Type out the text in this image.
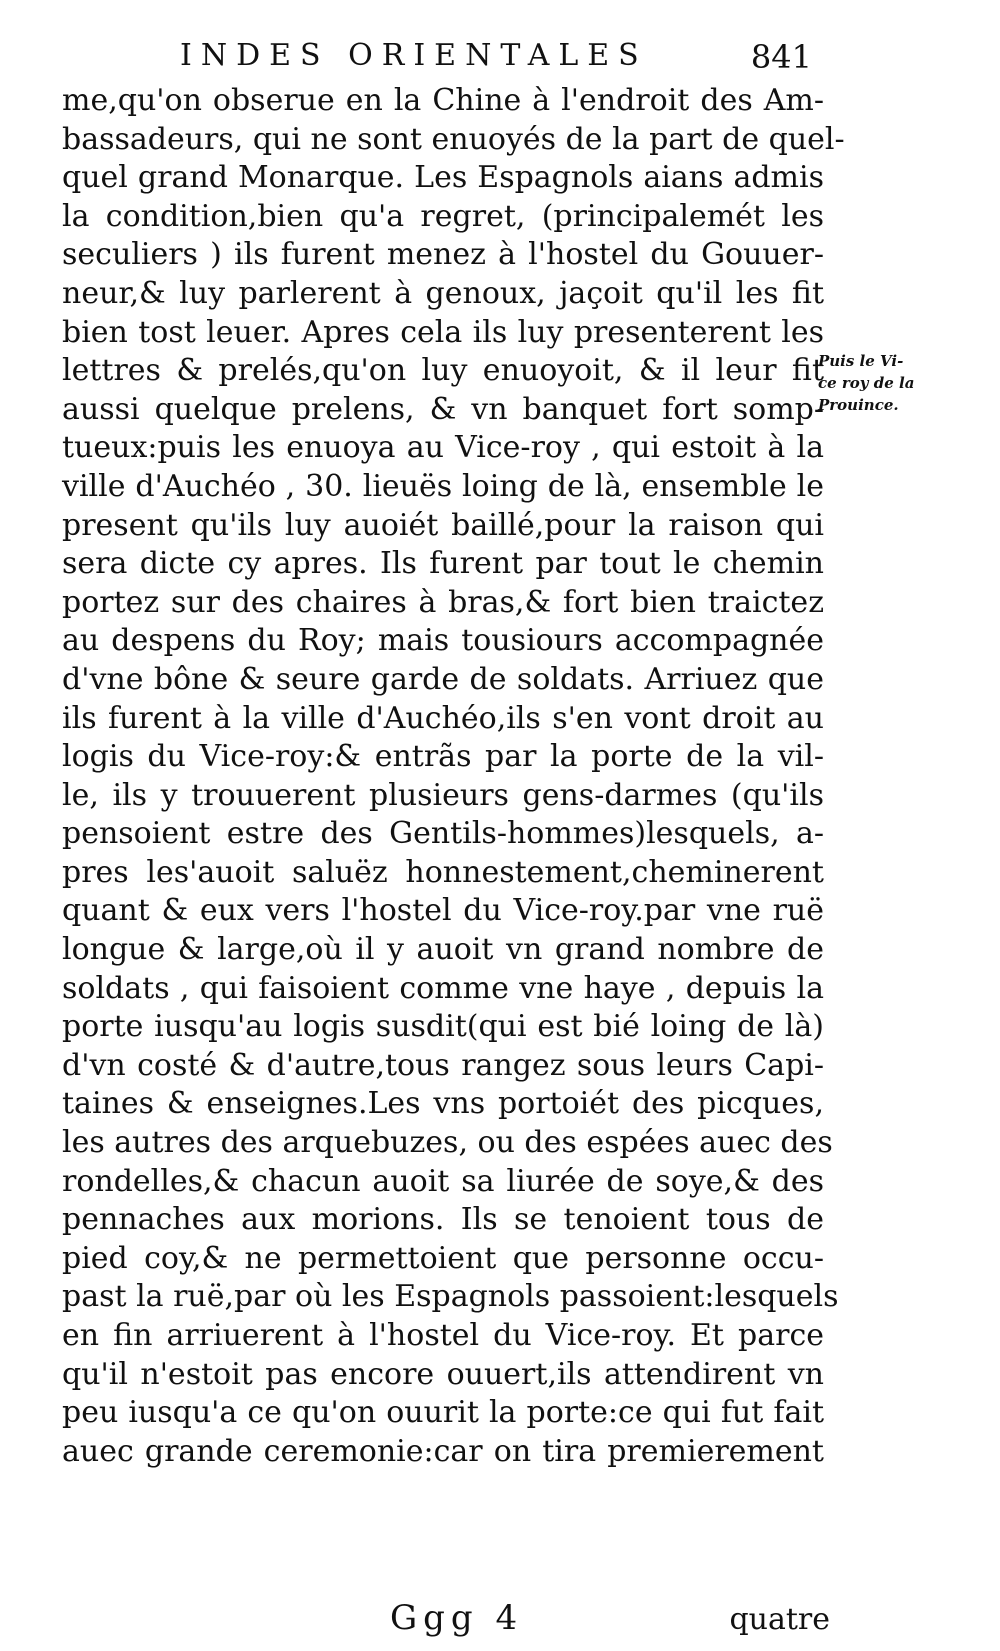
INDES ORIENTALES	841
me,qu'on obserue en la Chine à l'endroit des Am-
bassadeurs, qui ne sont enuoyés de la part de quel-
quel grand Monarque. Les Espagnols aians admis
la condition,bien qu'a regret, (principalemét les
seculiers ) ils furent menez à l'hostel du Gouuer-
neur,& luy parlerent à genoux, jaçoit qu'il les fit
bien tost leuer. Apres cela ils luy presenterent les
lettres & prelés,qu'on luy enuoyoit, & il leur fit
aussi quelque prelens, & vn banquet fort somp-
tueux:puis les enuoya au Vice-roy , qui estoit à la
ville d'Auchéo , 30. lieuës loing de là, ensemble le
present qu'ils luy auoiét baillé,pour la raison qui
sera dicte cy apres. Ils furent par tout le chemin
portez sur des chaires à bras,& fort bien traictez
au despens du Roy; mais tousiours accompagnée
d'vne bône & seure garde de soldats. Arriuez que
ils furent à la ville d'Auchéo,ils s'en vont droit au
logis du Vice-roy:& entrãs par la porte de la vil-
le, ils y trouuerent plusieurs gens-darmes (qu'ils
pensoient estre des Gentils-hommes)lesquels, a-
pres les'auoit saluëz honnestement,cheminerent
quant & eux vers l'hostel du Vice-roy.par vne ruë
longue & large,où il y auoit vn grand nombre de
soldats , qui faisoient comme vne haye , depuis la
porte iusqu'au logis susdit(qui est bié loing de là)
d'vn costé & d'autre,tous rangez sous leurs Capi-
taines & enseignes.Les vns portoiét des picques,
les autres des arquebuzes, ou des espées auec des
rondelles,& chacun auoit sa liurée de soye,& des
pennaches aux morions. Ils se tenoient tous de
pied coy,& ne permettoient que personne occu-
past la ruë,par où les Espagnols passoient:lesquels
en fin arriuerent à l'hostel du Vice-roy. Et parce
qu'il n'estoit pas encore ouuert,ils attendirent vn
peu iusqu'a ce qu'on ouurit la porte:ce qui fut fait
auec grande ceremonie:car on tira premierement
Puis le Vi-
ce roy de la
Prouince.
Ggg 4	quatre
